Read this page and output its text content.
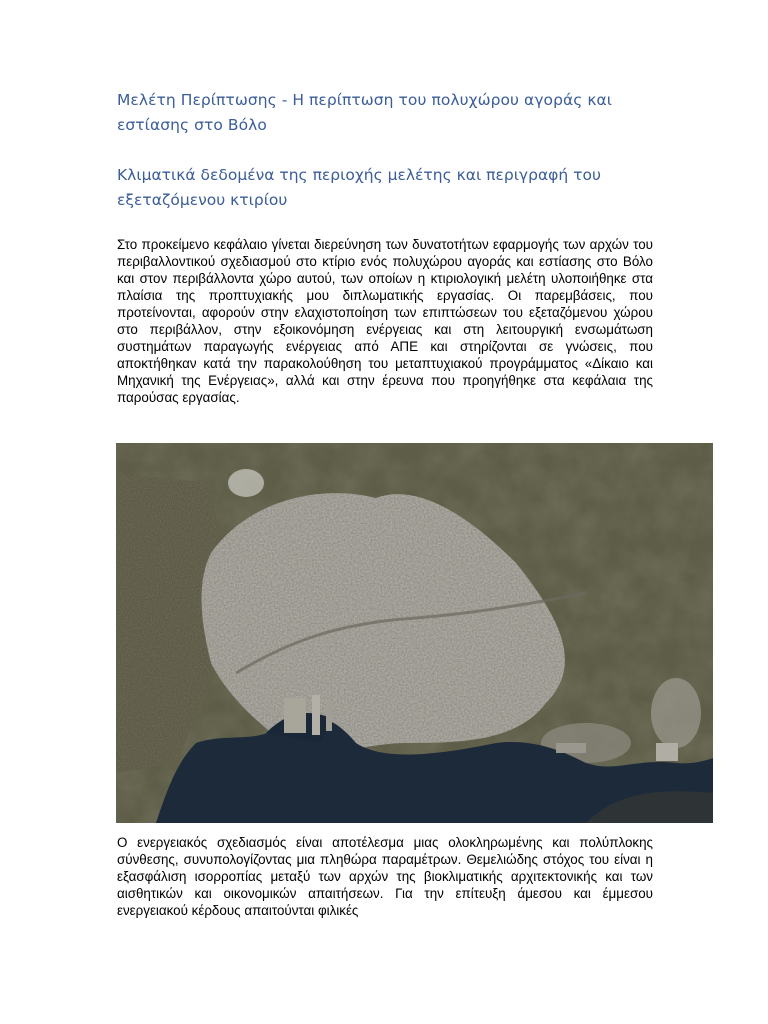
Μελέτη Περίπτωσης - Η περίπτωση του πολυχώρου αγοράς και εστίασης στο Βόλο
Κλιματικά δεδομένα της περιοχής μελέτης και περιγραφή του εξεταζόμενου κτιρίου

Στο προκείμενο κεφάλαιο γίνεται διερεύνηση των δυνατοτήτων εφαρμογής των αρχών του περιβαλλοντικού σχεδιασμού στο κτίριο ενός πολυχώρου αγοράς και εστίασης στο Βόλο και στον περιβάλλοντα χώρο αυτού, των οποίων η κτιριολογική μελέτη υλοποιήθηκε στα πλαίσια της προπτυχιακής μου διπλωματικής εργασίας. Οι παρεμβάσεις, που προτείνονται, αφορούν στην ελαχιστοποίηση των επιπτώσεων του εξεταζόμενου χώρου στο περιβάλλον, στην εξοικονόμηση ενέργειας και στη λειτουργική ενσωμάτωση συστημάτων παραγωγής ενέργειας από ΑΠΕ και στηρίζονται σε γνώσεις, που αποκτήθηκαν κατά την παρακολούθηση του μεταπτυχιακού προγράμματος «Δίκαιο και Μηχανική της Ενέργειας», αλλά και στην έρευνα που προηγήθηκε στα κεφάλαια της παρούσας εργασίας.

Ο ενεργειακός σχεδιασμός είναι αποτέλεσμα μιας ολοκληρωμένης και πολύπλοκης σύνθεσης, συνυπολογίζοντας μια πληθώρα παραμέτρων. Θεμελιώδης στόχος του είναι η εξασφάλιση ισορροπίας μεταξύ των αρχών της βιοκλιματικής αρχιτεκτονικής και των αισθητικών και οικονομικών απαιτήσεων. Για την επίτευξη άμεσου και έμμεσου ενεργειακού κέρδους απαιτούνται φιλικές
